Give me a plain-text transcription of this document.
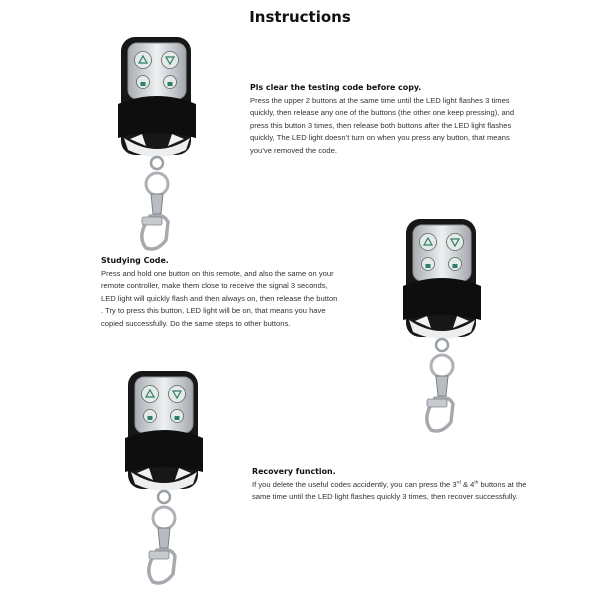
Instructions
Pls clear the testing code before copy.

Press the upper 2 buttons at the same time until the LED light flashes 3 times quickly, then release any one of the buttons (the other one keep pressing), and press this button 3 times, then release both buttons after the LED light flashes quickly, The LED light doesn’t turn on when you press any button, that means you’ve removed the code.

Studying Code.

Press and hold one button on this remote, and also the same on your remote controller, make them close to receive the signal 3 seconds, LED light will quickly flash and then always on, then release the button . Try to press this button, LED light will be on, that means you have copied successfully. Do the same steps to other buttons.

Recovery function.

If you delete the useful codes accidently, you can press the 3rd & 4th buttons at the same time until the LED light flashes quickly 3 times, then recover successfully.
